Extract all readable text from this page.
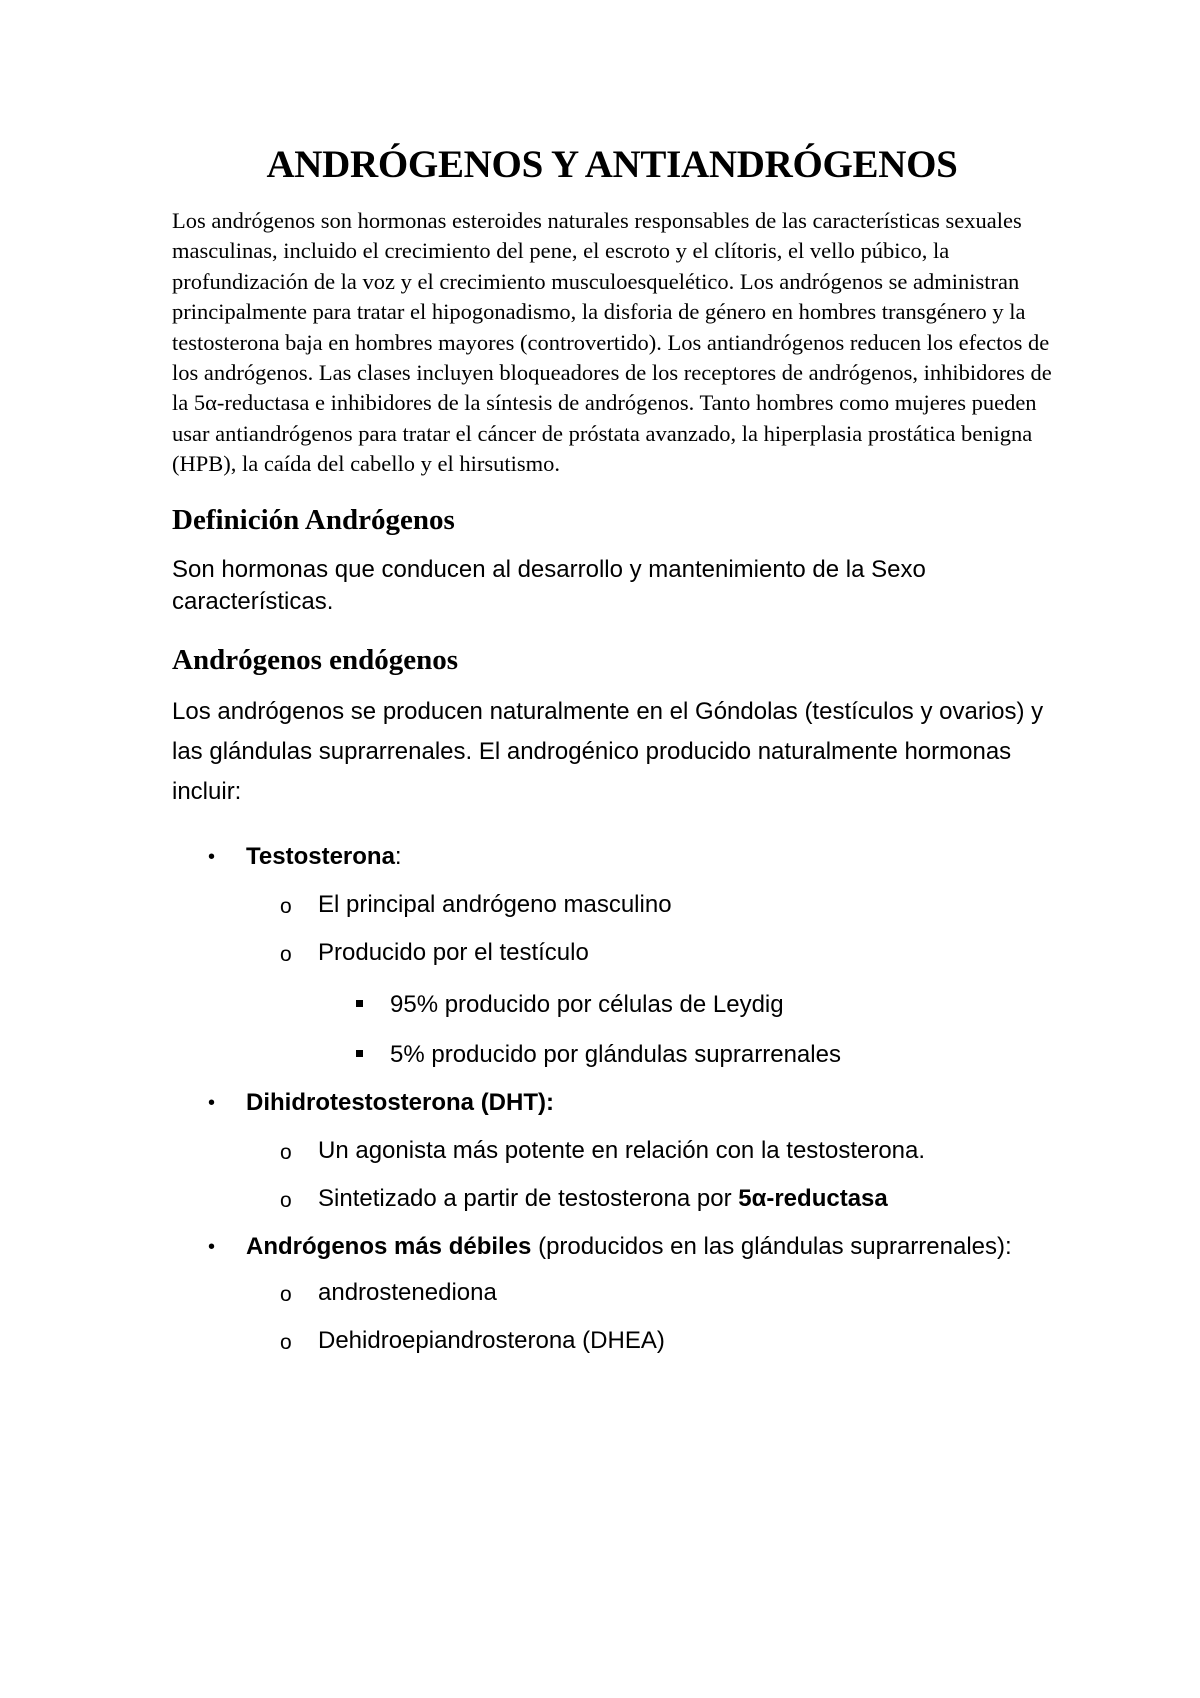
ANDRÓGENOS Y ANTIANDRÓGENOS

Los andrógenos son hormonas esteroides naturales responsables de las características sexuales masculinas, incluido el crecimiento del pene, el escroto y el clítoris, el vello púbico, la profundización de la voz y el crecimiento musculoesquelético. Los andrógenos se administran principalmente para tratar el hipogonadismo, la disforia de género en hombres transgénero y la testosterona baja en hombres mayores (controvertido). Los antiandrógenos reducen los efectos de los andrógenos. Las clases incluyen bloqueadores de los receptores de andrógenos, inhibidores de la 5α-reductasa e inhibidores de la síntesis de andrógenos. Tanto hombres como mujeres pueden usar antiandrógenos para tratar el cáncer de próstata avanzado, la hiperplasia prostática benigna (HPB), la caída del cabello y el hirsutismo.

Definición Andrógenos

Son hormonas que conducen al desarrollo y mantenimiento de la Sexo características.

Andrógenos endógenos

Los andrógenos se producen naturalmente en el Góndolas (testículos y ovarios) y las glándulas suprarrenales. El androgénico producido naturalmente hormonas incluir:

• Testosterona:
o El principal andrógeno masculino
o Producido por el testículo
95% producido por células de Leydig
5% producido por glándulas suprarrenales
• Dihidrotestosterona (DHT):
o Un agonista más potente en relación con la testosterona.
o Sintetizado a partir de testosterona por 5α-reductasa
• Andrógenos más débiles (producidos en las glándulas suprarrenales):
o androstenediona
o Dehidroepiandrosterona (DHEA)
